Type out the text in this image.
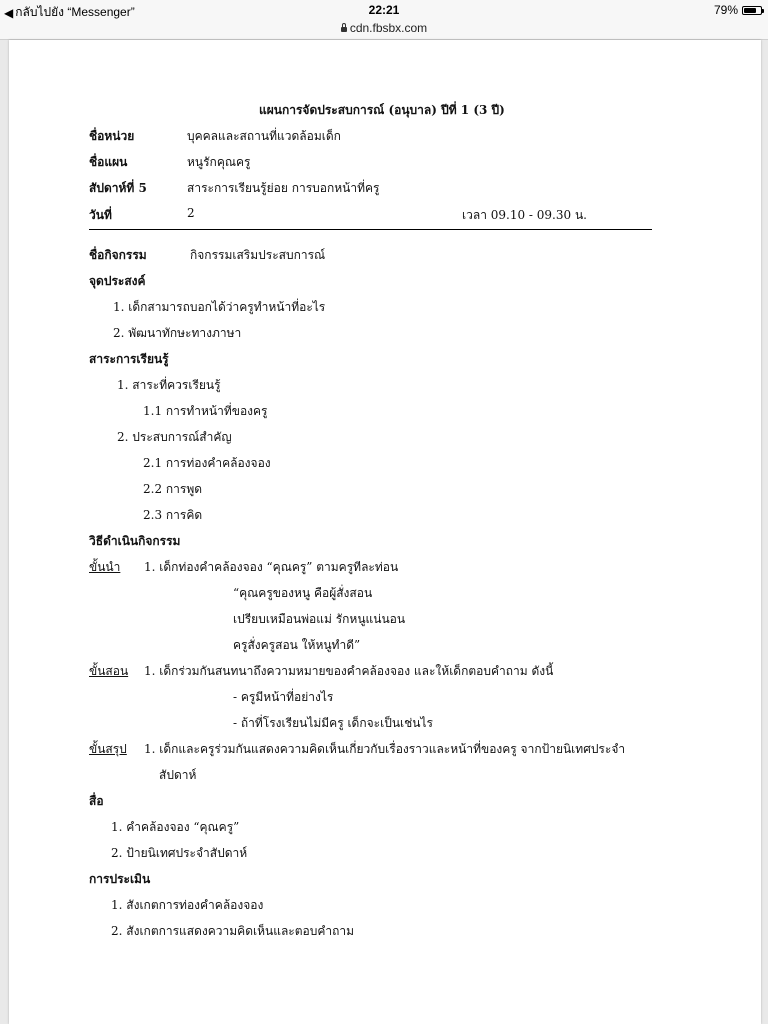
◀ กลับไปยัง “Messenger”	22:21	79%
cdn.fbsbx.com
แผนการจัดประสบการณ์ (อนุบาล) ปีที่ 1 (3 ปี)
ชื่อหน่วย	บุคคลและสถานที่แวดล้อมเด็ก
ชื่อแผน	หนูรักคุณครู
สัปดาห์ที่ 5	สาระการเรียนรู้ย่อย การบอกหน้าที่ครู
วันที่	2	เวลา 09.10 - 09.30 น.
ชื่อกิจกรรม	กิจกรรมเสริมประสบการณ์
จุดประสงค์
1. เด็กสามารถบอกได้ว่าครูทำหน้าที่อะไร
2. พัฒนาทักษะทางภาษา
สาระการเรียนรู้
1. สาระที่ควรเรียนรู้
1.1 การทำหน้าที่ของครู
2. ประสบการณ์สำคัญ
2.1 การท่องคำคล้องจอง
2.2 การพูด
2.3 การคิด
วิธีดำเนินกิจกรรม
ขั้นนำ 1. เด็กท่องคำคล้องจอง “คุณครู” ตามครูทีละท่อน
“คุณครูของหนู คือผู้สั่งสอน
เปรียบเหมือนพ่อแม่ รักหนูแน่นอน
ครูสั่งครูสอน ให้หนูทำดี”
ขั้นสอน 1. เด็กร่วมกันสนทนาถึงความหมายของคำคล้องจอง และให้เด็กตอบคำถาม ดังนี้
- ครูมีหน้าที่อย่างไร
- ถ้าที่โรงเรียนไม่มีครู เด็กจะเป็นเช่นไร
ขั้นสรุป 1. เด็กและครูร่วมกันแสดงความคิดเห็นเกี่ยวกับเรื่องราวและหน้าที่ของครู จากป้ายนิเทศประจำ
สัปดาห์
สื่อ
1. คำคล้องจอง “คุณครู”
2. ป้ายนิเทศประจำสัปดาห์
การประเมิน
1. สังเกตการท่องคำคล้องจอง
2. สังเกตการแสดงความคิดเห็นและตอบคำถาม
